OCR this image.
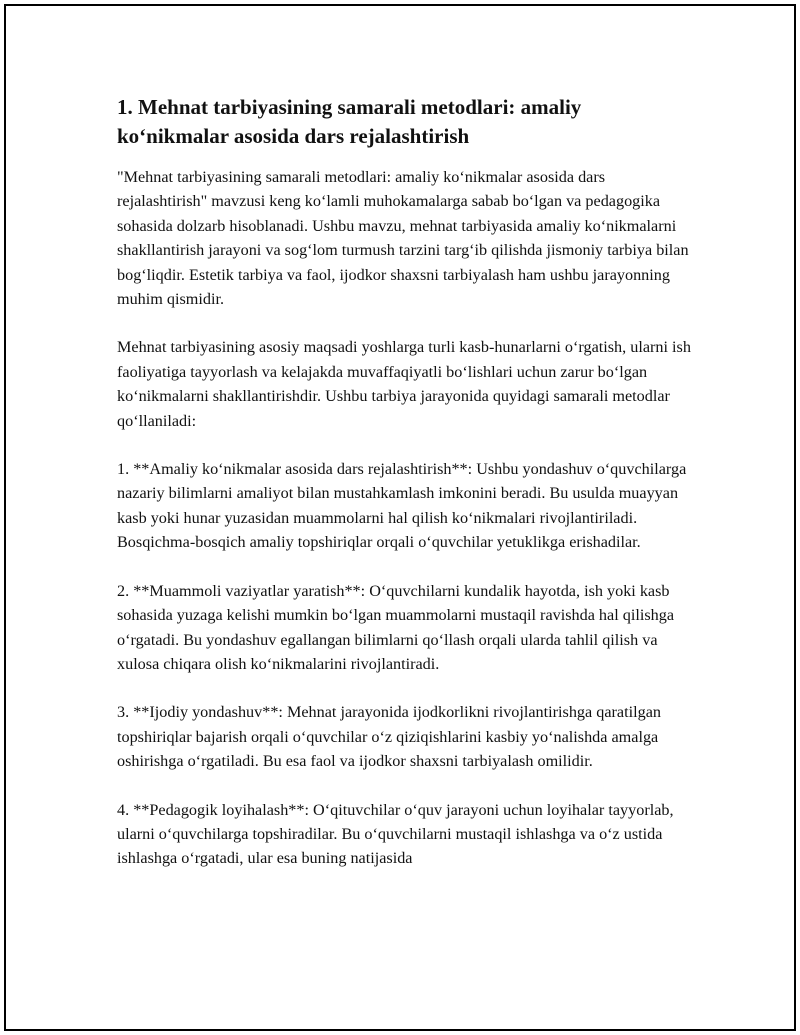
1. Mehnat tarbiyasining samarali metodlari: amaliy ko‘nikmalar asosida dars rejalashtirish

"Mehnat tarbiyasining samarali metodlari: amaliy ko‘nikmalar asosida dars rejalashtirish" mavzusi keng ko‘lamli muhokamalarga sabab bo‘lgan va pedagogika sohasida dolzarb hisoblanadi. Ushbu mavzu, mehnat tarbiyasida amaliy ko‘nikmalarni shakllantirish jarayoni va sog‘lom turmush tarzini targ‘ib qilishda jismoniy tarbiya bilan bog‘liqdir. Estetik tarbiya va faol, ijodkor shaxsni tarbiyalash ham ushbu jarayonning muhim qismidir.

Mehnat tarbiyasining asosiy maqsadi yoshlarga turli kasb-hunarlarni o‘rgatish, ularni ish faoliyatiga tayyorlash va kelajakda muvaffaqiyatli bo‘lishlari uchun zarur bo‘lgan ko‘nikmalarni shakllantirishdir. Ushbu tarbiya jarayonida quyidagi samarali metodlar qo‘llaniladi:

1. **Amaliy ko‘nikmalar asosida dars rejalashtirish**: Ushbu yondashuv o‘quvchilarga nazariy bilimlarni amaliyot bilan mustahkamlash imkonini beradi. Bu usulda muayyan kasb yoki hunar yuzasidan muammolarni hal qilish ko‘nikmalari rivojlantiriladi. Bosqichma-bosqich amaliy topshiriqlar orqali o‘quvchilar yetuklikga erishadilar.

2. **Muammoli vaziyatlar yaratish**: O‘quvchilarni kundalik hayotda, ish yoki kasb sohasida yuzaga kelishi mumkin bo‘lgan muammolarni mustaqil ravishda hal qilishga o‘rgatadi. Bu yondashuv egallangan bilimlarni qo‘llash orqali ularda tahlil qilish va xulosa chiqara olish ko‘nikmalarini rivojlantiradi.

3. **Ijodiy yondashuv**: Mehnat jarayonida ijodkorlikni rivojlantirishga qaratilgan topshiriqlar bajarish orqali o‘quvchilar o‘z qiziqishlarini kasbiy yo‘nalishda amalga oshirishga o‘rgatiladi. Bu esa faol va ijodkor shaxsni tarbiyalash omilidir.

4. **Pedagogik loyihalash**: O‘qituvchilar o‘quv jarayoni uchun loyihalar tayyorlab, ularni o‘quvchilarga topshiradilar. Bu o‘quvchilarni mustaqil ishlashga va o‘z ustida ishlashga o‘rgatadi, ular esa buning natijasida
